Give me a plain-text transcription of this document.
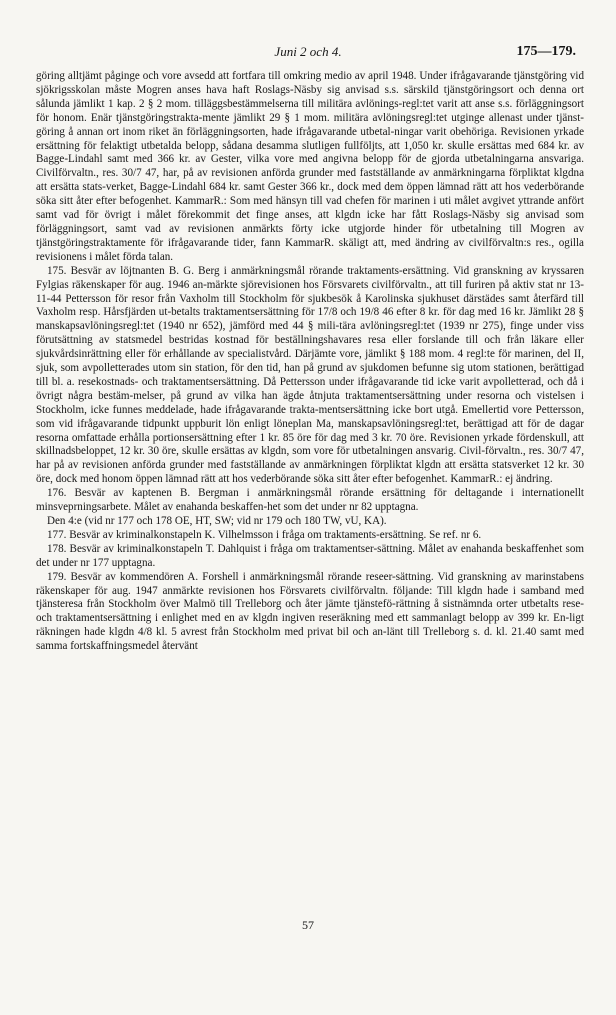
Juni 2 och 4.	175—179.

göring alltjämt påginge och vore avsedd att fortfara till omkring medio av april 1948. Under ifrågavarande tjänstgöring vid sjökrigsskolan måste Mogren anses hava haft Roslags-Näsby sig anvisad s.s. särskild tjänstgöringsort och denna ort sålunda jämlikt 1 kap. 2 § 2 mom. tilläggsbestämmelserna till militära avlönings-regl:tet varit att anse s.s. förläggningsort för honom. Enär tjänstgöringstrakta-mente jämlikt 29 § 1 mom. militära avlöningsregl:tet utginge allenast under tjänst-göring å annan ort inom riket än förläggningsorten, hade ifrågavarande utbetal-ningar varit obehöriga. Revisionen yrkade ersättning för felaktigt utbetalda belopp, sådana desamma slutligen fullföljts, att 1,050 kr. skulle ersättas med 684 kr. av Bagge-Lindahl samt med 366 kr. av Gester, vilka vore med angivna belopp för de gjorda utbetalningarna ansvariga. Civilförvaltn., res. 30/7 47, har, på av revisionen anförda grunder med fastställande av anmärkningarna förpliktat klgdna att ersätta stats-verket, Bagge-Lindahl 684 kr. samt Gester 366 kr., dock med dem öppen lämnad rätt att hos vederbörande söka sitt åter efter befogenhet. KammarR.: Som med hänsyn till vad chefen för marinen i uti målet avgivet yttrande anfört samt vad för övrigt i målet förekommit det finge anses, att klgdn icke har fått Roslags-Näsby sig anvisad som förläggningsort, samt vad av revisionen anmärkts förty icke utgjorde hinder för utbetalning till Mogren av tjänstgöringstraktamente för ifrågavarande tider, fann KammarR. skäligt att, med ändring av civilförvaltn:s res., ogilla revisionens i målet förda talan.

175. Besvär av löjtnanten B. G. Berg i anmärkningsmål rörande traktaments-ersättning. Vid granskning av kryssaren Fylgias räkenskaper för aug. 1946 an-märkte sjörevisionen hos Försvarets civilförvaltn., att till furiren på aktiv stat nr 13-11-44 Pettersson för resor från Vaxholm till Stockholm för sjukbesök å Karolinska sjukhuset därstädes samt återfärd till Vaxholm resp. Hårsfjärden ut-betalts traktamentsersättning för 17/8 och 19/8 46 efter 8 kr. för dag med 16 kr. Jämlikt 28 § manskapsavlöningsregl:tet (1940 nr 652), jämförd med 44 § mili-tära avlöningsregl:tet (1939 nr 275), finge under viss förutsättning av statsmedel bestridas kostnad för beställningshavares resa eller forslande till och från läkare eller sjukvårdsinrättning eller för erhållande av specialistvård. Därjämte vore, jämlikt § 188 mom. 4 regl:te för marinen, del II, sjuk, som avpolletterades utom sin station, för den tid, han på grund av sjukdomen befunne sig utom stationen, berättigad till bl. a. resekostnads- och traktamentsersättning. Då Pettersson under ifrågavarande tid icke varit avpolletterad, och då i övrigt några bestäm-melser, på grund av vilka han ägde åtnjuta traktamentsersättning under resorna och vistelsen i Stockholm, icke funnes meddelade, hade ifrågavarande trakta-mentsersättning icke bort utgå. Emellertid vore Pettersson, som vid ifrågavarande tidpunkt uppburit lön enligt löneplan Ma, manskapsavlöningsregl:tet, berättigad att för de dagar resorna omfattade erhålla portionsersättning efter 1 kr. 85 öre för dag med 3 kr. 70 öre. Revisionen yrkade fördenskull, att skillnadsbeloppet, 12 kr. 30 öre, skulle ersättas av klgdn, som vore för utbetalningen ansvarig. Civil-förvaltn., res. 30/7 47, har på av revisionen anförda grunder med fastställande av anmärkningen förpliktat klgdn att ersätta statsverket 12 kr. 30 öre, dock med honom öppen lämnad rätt att hos vederbörande söka sitt åter efter befogenhet. KammarR.: ej ändring.

176. Besvär av kaptenen B. Bergman i anmärkningsmål rörande ersättning för deltagande i internationellt minsveprningsarbete. Målet av enahanda beskaffen-het som det under nr 82 upptagna.

Den 4:e (vid nr 177 och 178 OE, HT, SW; vid nr 179 och 180 TW, vU, KA).

177. Besvär av kriminalkonstapeln K. Vilhelmsson i fråga om traktaments-ersättning. Se ref. nr 6.

178. Besvär av kriminalkonstapeln T. Dahlquist i fråga om traktamentser-sättning. Målet av enahanda beskaffenhet som det under nr 177 upptagna.

179. Besvär av kommendören A. Forshell i anmärkningsmål rörande reseer-sättning. Vid granskning av marinstabens räkenskaper för aug. 1947 anmärkte revisionen hos Försvarets civilförvaltn. följande: Till klgdn hade i samband med tjänsteresa från Stockholm över Malmö till Trelleborg och åter jämte tjänstefö-rättning å sistnämnda orter utbetalts rese- och traktamentsersättning i enlighet med en av klgdn ingiven reseräkning med ett sammanlagt belopp av 399 kr. En-ligt räkningen hade klgdn 4/8 kl. 5 avrest från Stockholm med privat bil och an-länt till Trelleborg s. d. kl. 21.40 samt med samma fortskaffningsmedel återvänt

57
